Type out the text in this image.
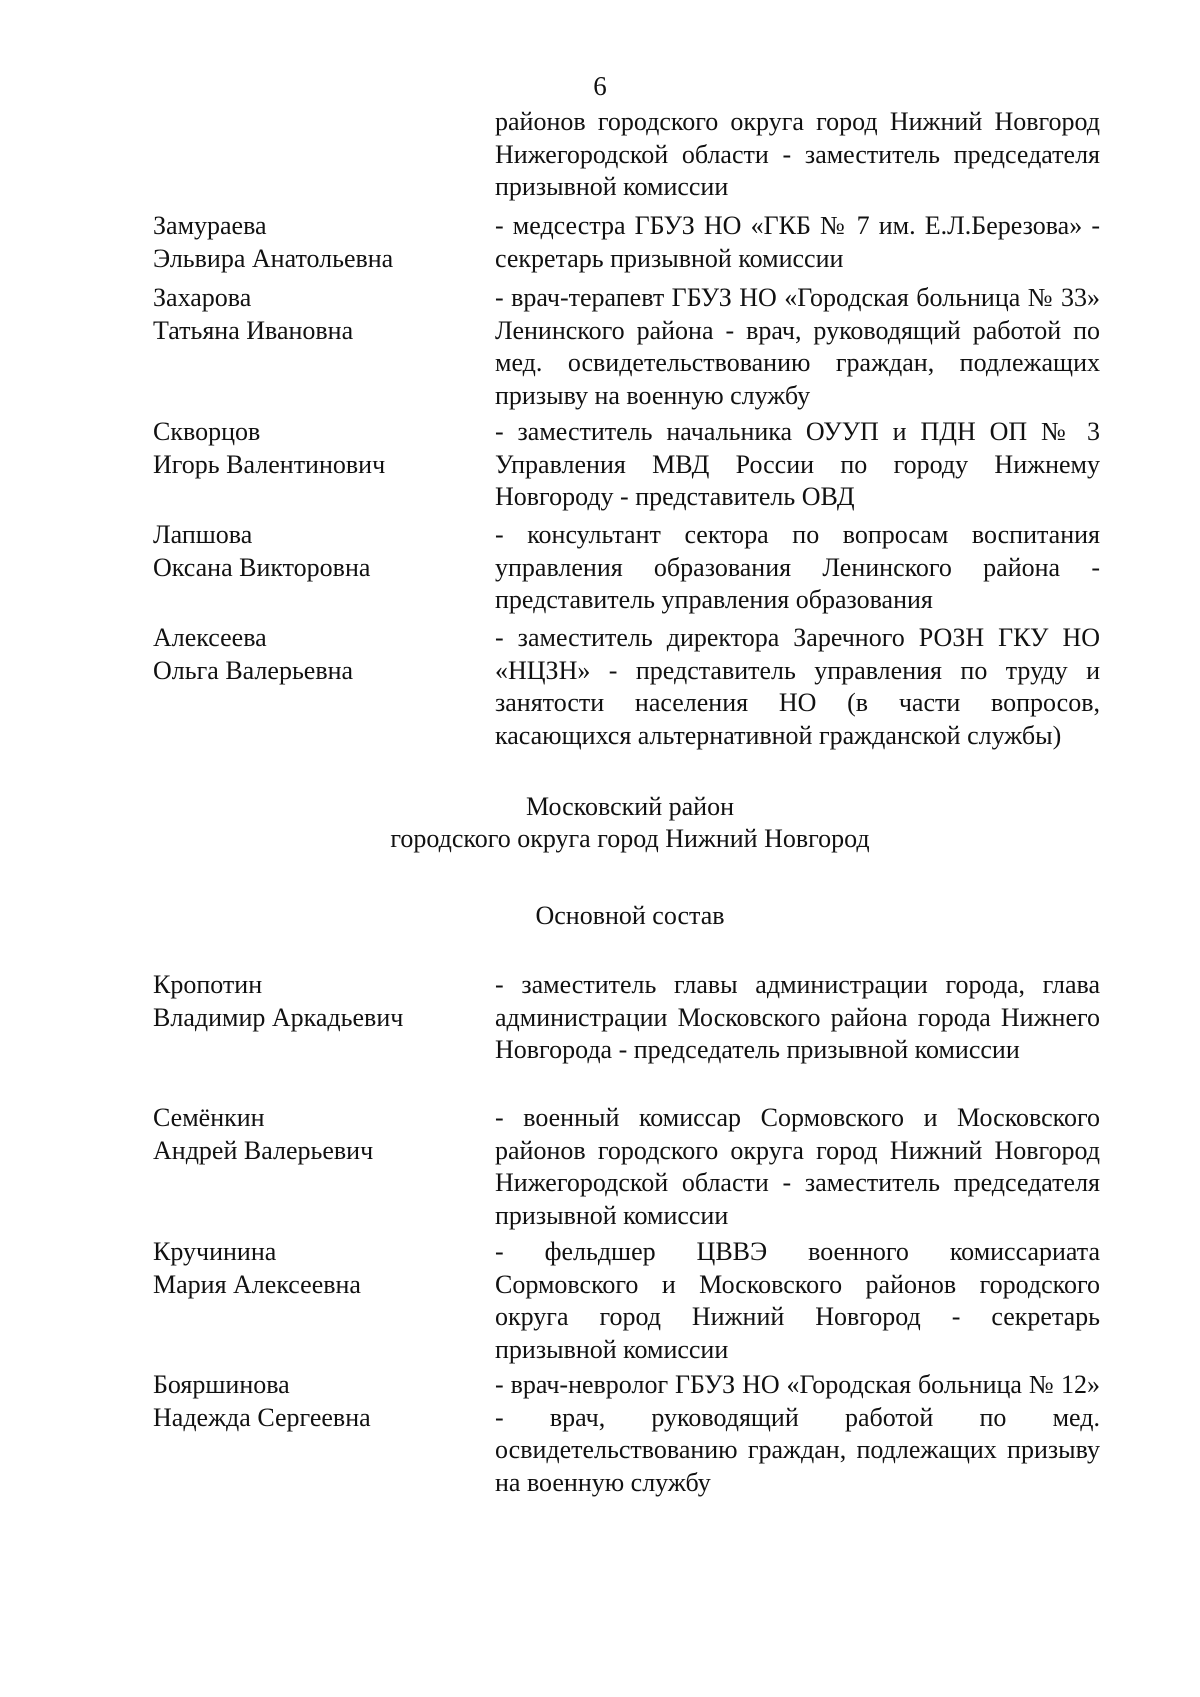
6
районов городского округа город Нижний Новгород Нижегородской области - заместитель председателя призывной комиссии
Замураева
Эльвира Анатольевна
- медсестра ГБУЗ НО «ГКБ № 7 им. Е.Л.Березова» - секретарь призывной комиссии
Захарова
Татьяна Ивановна
- врач-терапевт ГБУЗ НО «Городская больница № 33» Ленинского района - врач, руководящий работой по мед. освидетельствованию граждан, подлежащих призыву на военную службу
Скворцов
Игорь Валентинович
- заместитель начальника ОУУП и ПДН ОП № 3 Управления МВД России по городу Нижнему Новгороду - представитель ОВД
Лапшова
Оксана Викторовна
- консультант сектора по вопросам воспитания управления образования Ленинского района - представитель управления образования
Алексеева
Ольга Валерьевна
- заместитель директора Заречного РОЗН ГКУ НО «НЦЗН» - представитель управления по труду и занятости населения НО (в части вопросов, касающихся альтернативной гражданской службы)
Московский район
городского округа город Нижний Новгород
Основной состав
Кропотин
Владимир Аркадьевич
- заместитель главы администрации города, глава администрации Московского района города Нижнего Новгорода - председатель призывной комиссии
Семёнкин
Андрей Валерьевич
- военный комиссар Сормовского и Московского районов городского округа город Нижний Новгород Нижегородской области - заместитель председателя призывной комиссии
Кручинина
Мария Алексеевна
- фельдшер ЦВВЭ военного комиссариата Сормовского и Московского районов городского округа город Нижний Новгород - секретарь призывной комиссии
Бояршинова
Надежда Сергеевна
- врач-невролог ГБУЗ НО «Городская больница № 12» - врач, руководящий работой по мед. освидетельствованию граждан, подлежащих призыву на военную службу
